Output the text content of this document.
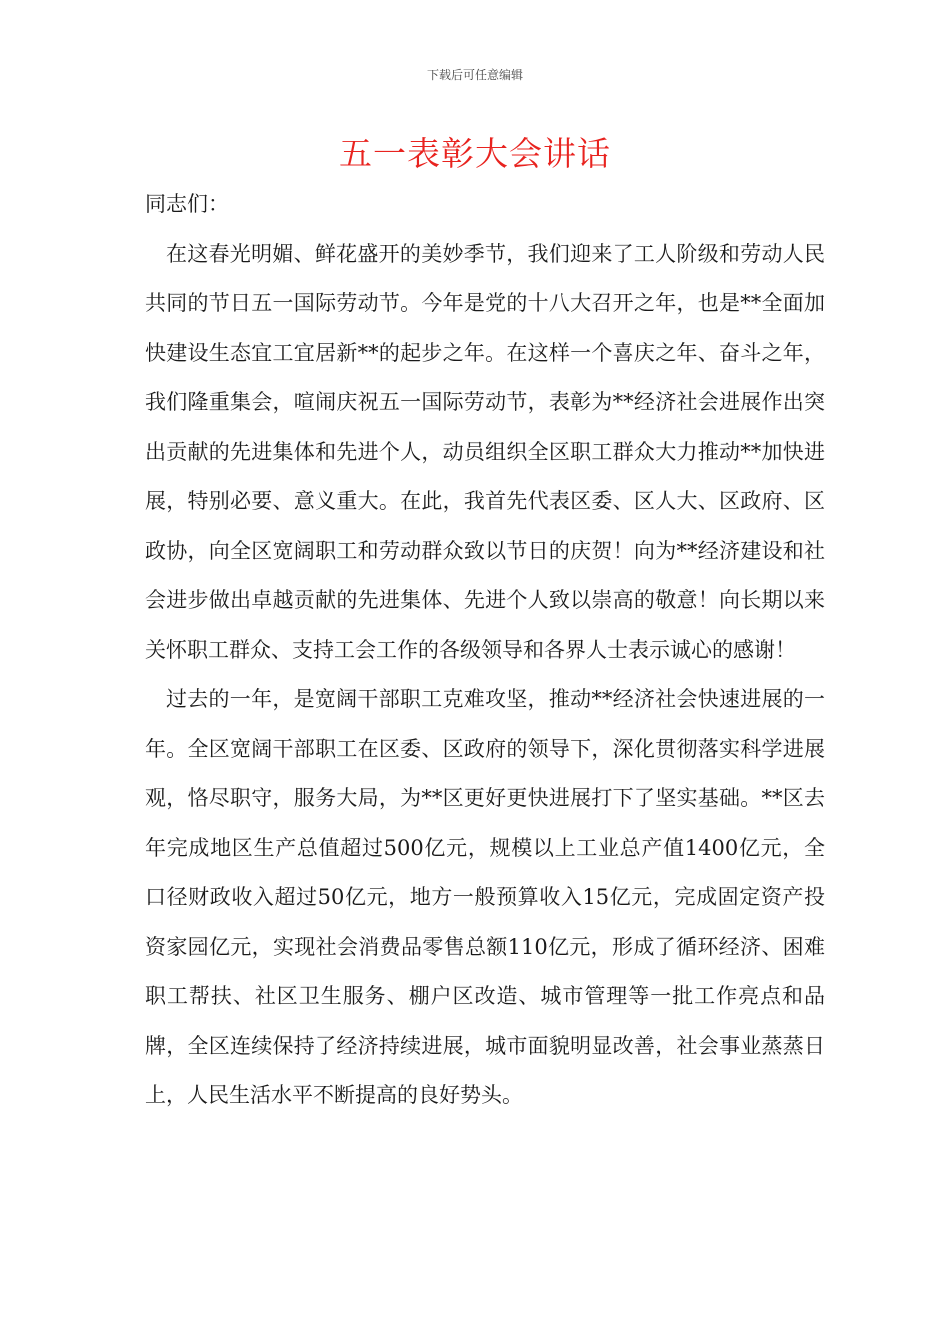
下载后可任意编辑
五一表彰大会讲话

同志们：

在这春光明媚、鲜花盛开的美妙季节，我们迎来了工人阶级和劳动人民共同的节日五一国际劳动节。今年是党的十八大召开之年，也是**全面加快建设生态宜工宜居新**的起步之年。在这样一个喜庆之年、奋斗之年，我们隆重集会，喧闹庆祝五一国际劳动节，表彰为**经济社会进展作出突出贡献的先进集体和先进个人，动员组织全区职工群众大力推动**加快进展，特别必要、意义重大。在此，我首先代表区委、区人大、区政府、区政协，向全区宽阔职工和劳动群众致以节日的庆贺！向为**经济建设和社会进步做出卓越贡献的先进集体、先进个人致以崇高的敬意！向长期以来关怀职工群众、支持工会工作的各级领导和各界人士表示诚心的感谢！

过去的一年，是宽阔干部职工克难攻坚，推动**经济社会快速进展的一年。全区宽阔干部职工在区委、区政府的领导下，深化贯彻落实科学进展观，恪尽职守，服务大局，为**区更好更快进展打下了坚实基础。**区去年完成地区生产总值超过500亿元，规模以上工业总产值1400亿元，全口径财政收入超过50亿元，地方一般预算收入15亿元，完成固定资产投资家园亿元，实现社会消费品零售总额110亿元，形成了循环经济、困难职工帮扶、社区卫生服务、棚户区改造、城市管理等一批工作亮点和品牌，全区连续保持了经济持续进展，城市面貌明显改善，社会事业蒸蒸日上，人民生活水平不断提高的良好势头。
